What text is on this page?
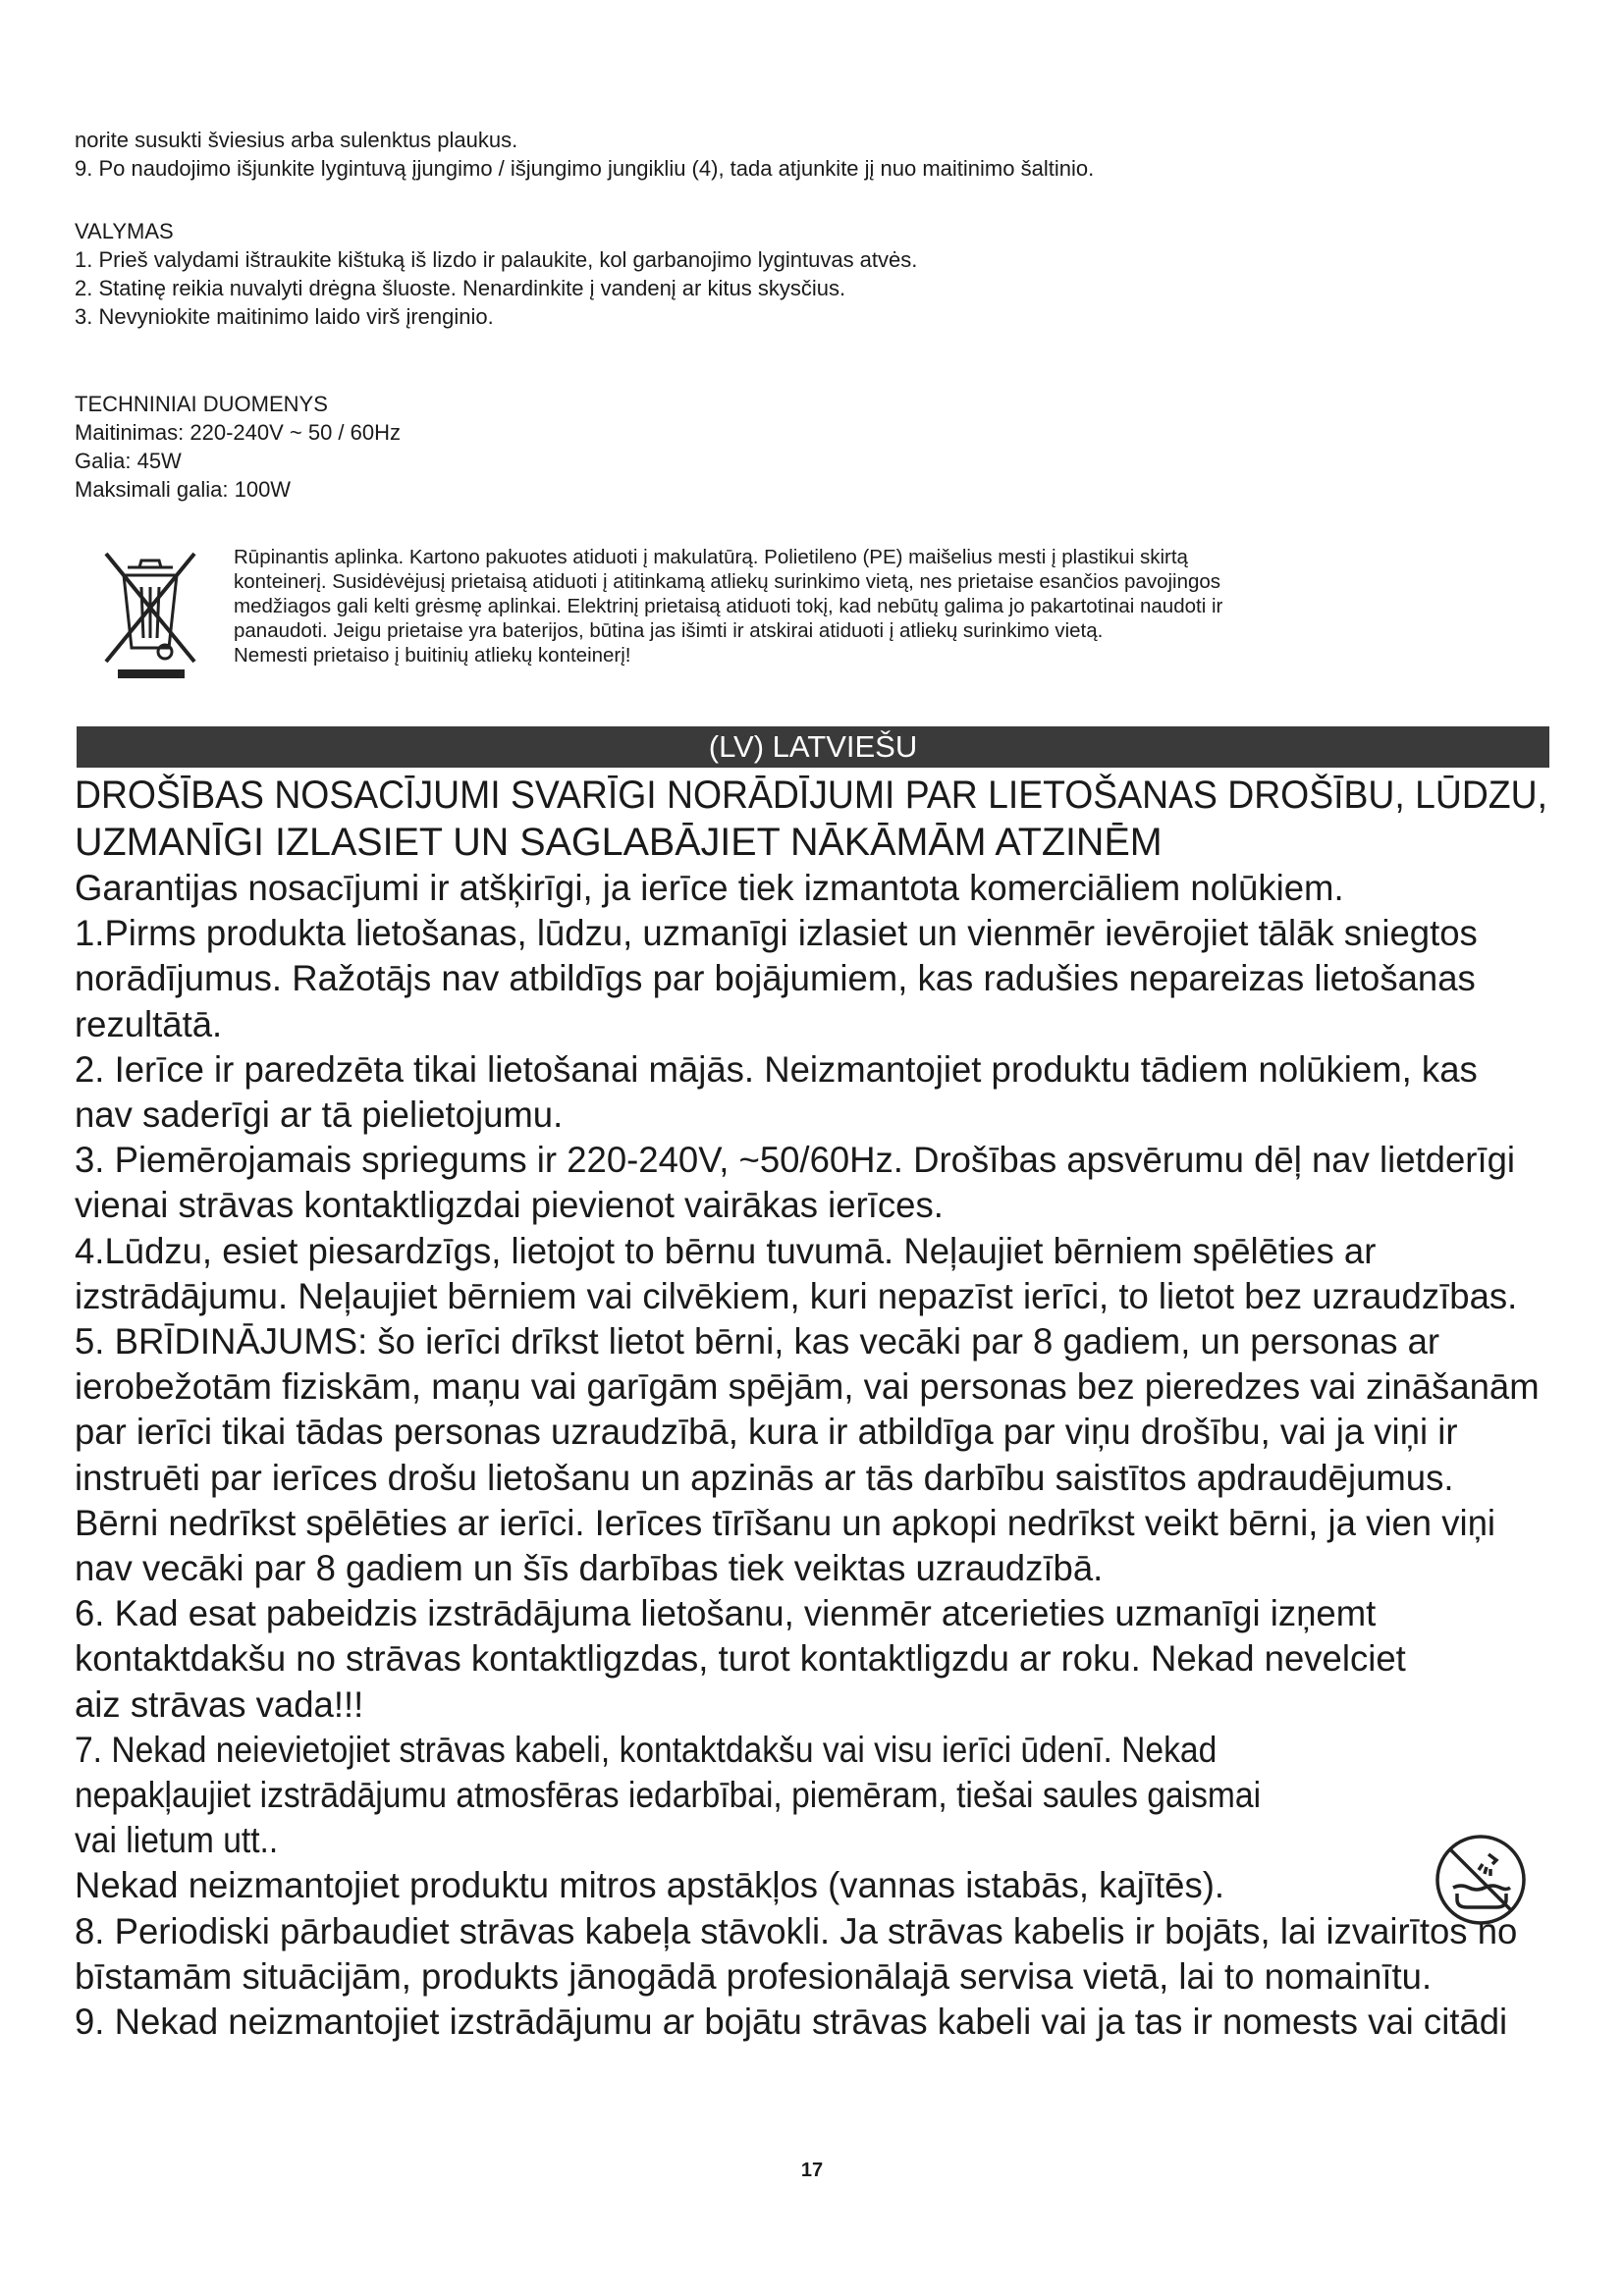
norite susukti šviesius arba sulenktus plaukus.

9. Po naudojimo išjunkite lygintuvą įjungimo / išjungimo jungikliu (4), tada atjunkite jį nuo maitinimo šaltinio.

VALYMAS

1. Prieš valydami ištraukite kištuką iš lizdo ir palaukite, kol garbanojimo lygintuvas atvės.

2. Statinę reikia nuvalyti drėgna šluoste. Nenardinkite į vandenį ar kitus skysčius.

3. Nevyniokite maitinimo laido virš įrenginio.

TECHNINIAI DUOMENYS

Maitinimas: 220-240V ~ 50 / 60Hz

Galia: 45W

Maksimali galia: 100W

Rūpinantis aplinka. Kartono pakuotes atiduoti į makulatūrą. Polietileno (PE) maišelius mesti į plastikui skirtą

konteinerį. Susidėvėjusį prietaisą atiduoti į atitinkamą atliekų surinkimo vietą, nes prietaise esančios pavojingos

medžiagos gali kelti grėsmę aplinkai. Elektrinį prietaisą atiduoti tokį, kad nebūtų galima jo pakartotinai naudoti ir

panaudoti. Jeigu prietaise yra baterijos, būtina jas išimti ir atskirai atiduoti į atliekų surinkimo vietą.

Nemesti prietaiso į buitinių atliekų konteinerį!

(LV) LATVIEŠU

DROŠĪBAS NOSACĪJUMI SVARĪGI NORĀDĪJUMI PAR LIETOŠANAS DROŠĪBU, LŪDZU,

UZMANĪGI IZLASIET UN SAGLABĀJIET NĀKĀMĀM ATZINĒM

Garantijas nosacījumi ir atšķirīgi, ja ierīce tiek izmantota komerciāliem nolūkiem.

1.Pirms produkta lietošanas, lūdzu, uzmanīgi izlasiet un vienmēr ievērojiet tālāk sniegtos

norādījumus. Ražotājs nav atbildīgs par bojājumiem, kas radušies nepareizas lietošanas

rezultātā.

2. Ierīce ir paredzēta tikai lietošanai mājās. Neizmantojiet produktu tādiem nolūkiem, kas

nav saderīgi ar tā pielietojumu.

3. Piemērojamais spriegums ir 220-240V, ~50/60Hz. Drošības apsvērumu dēļ nav lietderīgi

vienai strāvas kontaktligzdai pievienot vairākas ierīces.

4.Lūdzu, esiet piesardzīgs, lietojot to bērnu tuvumā. Neļaujiet bērniem spēlēties ar

izstrādājumu. Neļaujiet bērniem vai cilvēkiem, kuri nepazīst ierīci, to lietot bez uzraudzības.

5. BRĪDINĀJUMS: šo ierīci drīkst lietot bērni, kas vecāki par 8 gadiem, un personas ar

ierobežotām fiziskām, maņu vai garīgām spējām, vai personas bez pieredzes vai zināšanām

par ierīci tikai tādas personas uzraudzībā, kura ir atbildīga par viņu drošību, vai ja viņi ir

instruēti par ierīces drošu lietošanu un apzinās ar tās darbību saistītos apdraudējumus.

Bērni nedrīkst spēlēties ar ierīci. Ierīces tīrīšanu un apkopi nedrīkst veikt bērni, ja vien viņi

nav vecāki par 8 gadiem un šīs darbības tiek veiktas uzraudzībā.

6. Kad esat pabeidzis izstrādājuma lietošanu, vienmēr atcerieties uzmanīgi izņemt

kontaktdakšu no strāvas kontaktligzdas, turot kontaktligzdu ar roku. Nekad nevelciet

aiz strāvas vada!!!

7. Nekad neievietojiet strāvas kabeli, kontaktdakšu vai visu ierīci ūdenī. Nekad

nepakļaujiet izstrādājumu atmosfēras iedarbībai, piemēram, tiešai saules gaismai

vai lietum utt..

Nekad neizmantojiet produktu mitros apstākļos (vannas istabās, kajītēs).

8. Periodiski pārbaudiet strāvas kabeļa stāvokli. Ja strāvas kabelis ir bojāts, lai izvairītos no

bīstamām situācijām, produkts jānogādā profesionālajā servisa vietā, lai to nomainītu.

9. Nekad neizmantojiet izstrādājumu ar bojātu strāvas kabeli vai ja tas ir nomests vai citādi

17
